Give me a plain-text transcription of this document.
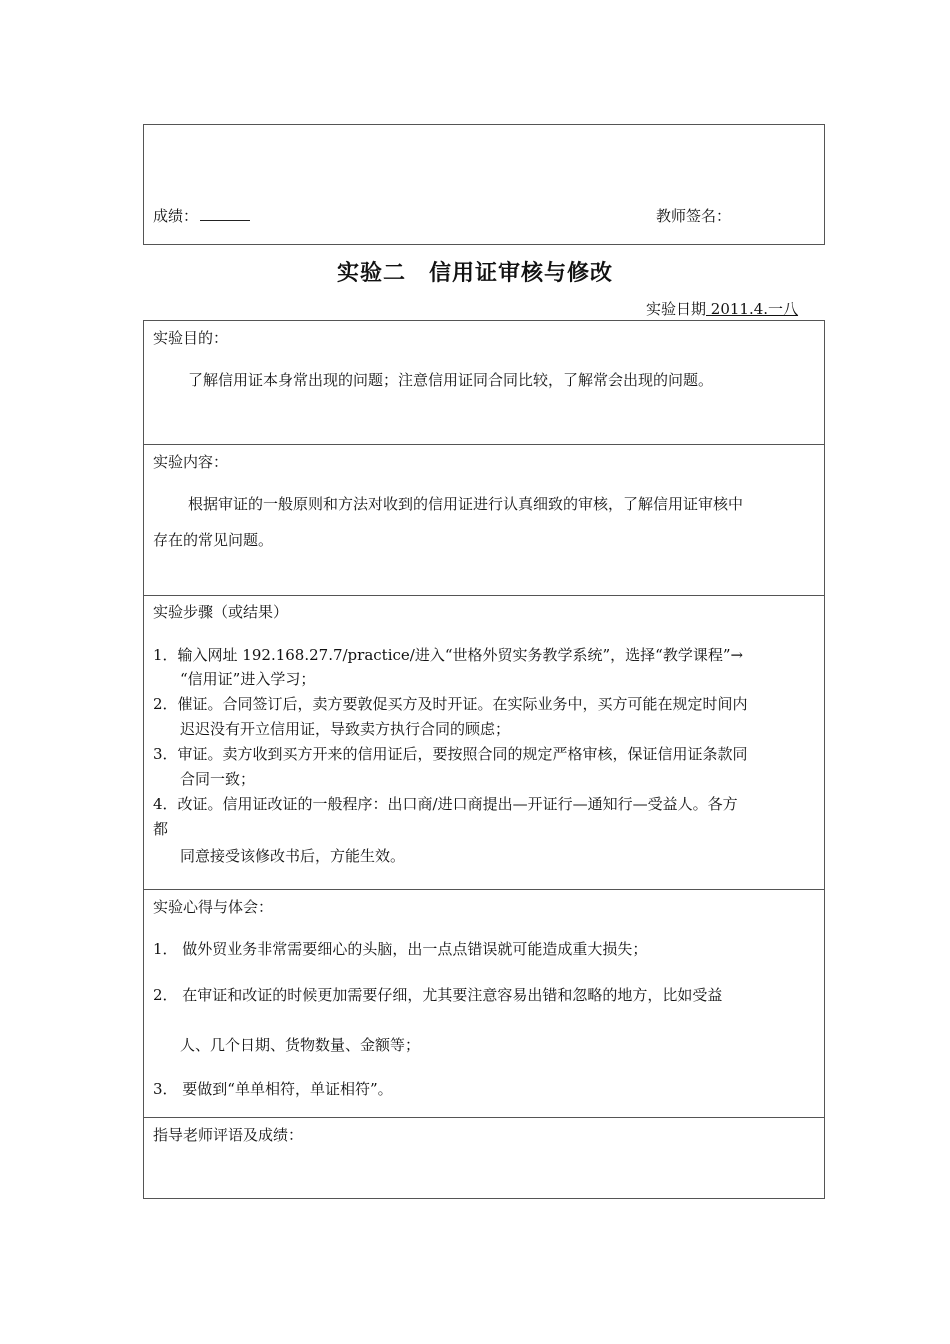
成绩：	教师签名：
实验二　信用证审核与修改
实验日期 2011.4.一八
实验目的：
了解信用证本身常出现的问题；注意信用证同合同比较，了解常会出现的问题。
实验内容：
根据审证的一般原则和方法对收到的信用证进行认真细致的审核，了解信用证审核中
存在的常见问题。
实验步骤（或结果）
1．输入网址 192.168.27.7/practice/进入“世格外贸实务教学系统”，选择“教学课程”→
“信用证”进入学习；
2．催证。合同签订后，卖方要敦促买方及时开证。在实际业务中，买方可能在规定时间内
迟迟没有开立信用证，导致卖方执行合同的顾虑；
3．审证。卖方收到买方开来的信用证后，要按照合同的规定严格审核，保证信用证条款同
合同一致；
4．改证。信用证改证的一般程序：出口商/进口商提出—开证行—通知行—受益人。各方
都
同意接受该修改书后，方能生效。
实验心得与体会：
1． 做外贸业务非常需要细心的头脑，出一点点错误就可能造成重大损失；
2． 在审证和改证的时候更加需要仔细，尤其要注意容易出错和忽略的地方，比如受益
人、几个日期、货物数量、金额等；
3． 要做到“单单相符，单证相符”。
指导老师评语及成绩：
